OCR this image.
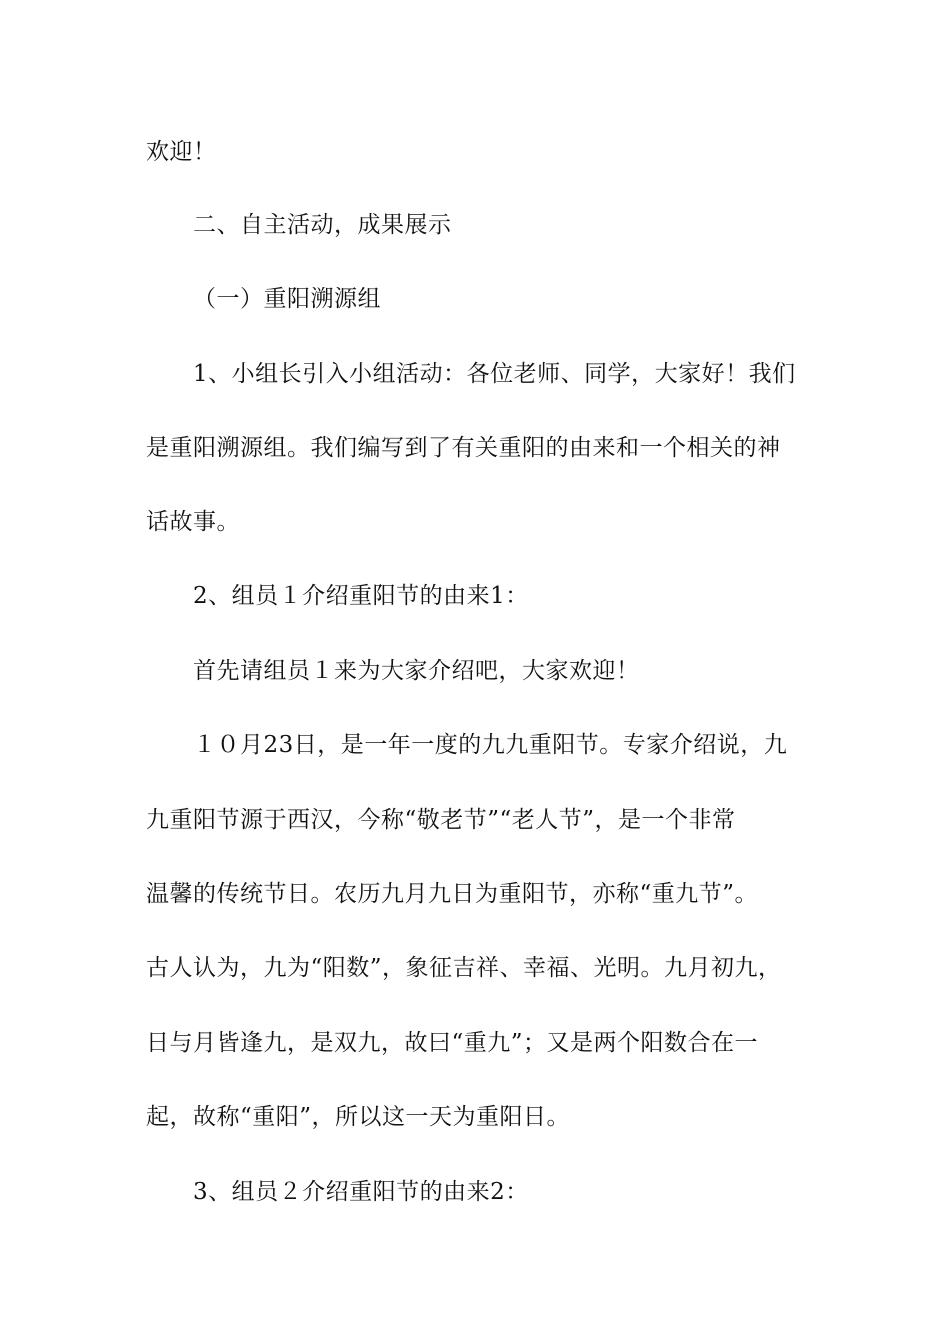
欢迎！
二、自主活动，成果展示
（一）重阳溯源组
1、小组长引入小组活动：各位老师、同学，大家好！我们
是重阳溯源组。我们编写到了有关重阳的由来和一个相关的神
话故事。
2、组员１介绍重阳节的由来1：
首先请组员１来为大家介绍吧，大家欢迎！
１０月23日，是一年一度的九九重阳节。专家介绍说，九
九重阳节源于西汉，今称“敬老节”“老人节”，是一个非常
温馨的传统节日。农历九月九日为重阳节，亦称“重九节”。
古人认为，九为“阳数”，象征吉祥、幸福、光明。九月初九，
日与月皆逢九，是双九，故曰“重九”；又是两个阳数合在一
起，故称“重阳”，所以这一天为重阳日。
3、组员２介绍重阳节的由来2：
